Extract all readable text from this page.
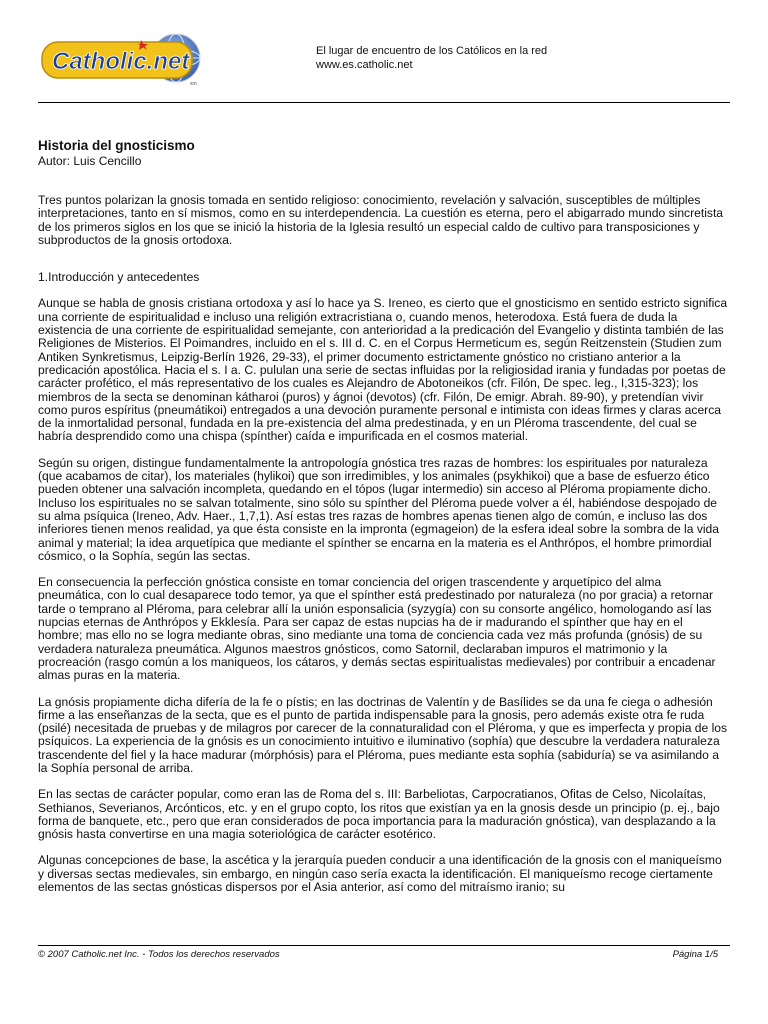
Catholic.net
sm
El lugar de encuentro de los Católicos en la red
www.es.catholic.net

Historia del gnosticismo

Autor: Luis Cencillo

Tres puntos polarizan la gnosis tomada en sentido religioso: conocimiento, revelación y salvación, susceptibles de múltiples interpretaciones, tanto en sí mismos, como en su interdependencia. La cuestión es eterna, pero el abigarrado mundo sincretista de los primeros siglos en los que se inició la historia de la Iglesia resultó un especial caldo de cultivo para transposiciones y subproductos de la gnosis ortodoxa.

1.Introducción y antecedentes

Aunque se habla de gnosis cristiana ortodoxa y así lo hace ya S. Ireneo, es cierto que el gnosticismo en sentido estricto significa una corriente de espiritualidad e incluso una religión extracristiana o, cuando menos, heterodoxa. Está fuera de duda la existencia de una corriente de espiritualidad semejante, con anterioridad a la predicación del Evangelio y distinta también de las Religiones de Misterios. El Poimandres, incluido en el s. III d. C. en el Corpus Hermeticum es, según Reitzenstein (Studien zum Antiken Synkretismus, Leipzig-Berlín 1926, 29-33), el primer documento estrictamente gnóstico no cristiano anterior a la predicación apostólica. Hacia el s. I a. C. pululan una serie de sectas influidas por la religiosidad irania y fundadas por poetas de carácter profético, el más representativo de los cuales es Alejandro de Abotoneikos (cfr. Filón, De spec. leg., I,315-323); los miembros de la secta se denominan kátharoi (puros) y ágnoi (devotos) (cfr. Filón, De emigr. Abrah. 89-90), y pretendían vivir como puros espíritus (pneumátikoi) entregados a una devoción puramente personal e intimista con ideas firmes y claras acerca de la inmortalidad personal, fundada en la pre-existencia del alma predestinada, y en un Pléroma trascendente, del cual se habría desprendido como una chispa (spínther) caída e impurificada en el cosmos material.

Según su origen, distingue fundamentalmente la antropología gnóstica tres razas de hombres: los espirituales por naturaleza (que acabamos de citar), los materiales (hylikoi) que son irredimibles, y los animales (psykhikoi) que a base de esfuerzo ético pueden obtener una salvación incompleta, quedando en el tópos (lugar intermedio) sin acceso al Pléroma propiamente dicho. Incluso los espirituales no se salvan totalmente, sino sólo su spínther del Pléroma puede volver a él, habiéndose despojado de su alma psíquica (Ireneo, Adv. Haer., 1,7,1). Así estas tres razas de hombres apenas tienen algo de común, e incluso las dos inferiores tienen menos realidad, ya que ésta consiste en la impronta (egmageion) de la esfera ideal sobre la sombra de la vida animal y material; la idea arquetípica que mediante el spínther se encarna en la materia es el Anthrópos, el hombre primordial cósmico, o la Sophía, según las sectas.

En consecuencia la perfección gnóstica consiste en tomar conciencia del origen trascendente y arquetípico del alma pneumática, con lo cual desaparece todo temor, ya que el spínther está predestinado por naturaleza (no por gracia) a retornar tarde o temprano al Pléroma, para celebrar allí la unión esponsalicia (syzygía) con su consorte angélico, homologando así las nupcias eternas de Anthrópos y Ekklesía. Para ser capaz de estas nupcias ha de ir madurando el spínther que hay en el hombre; mas ello no se logra mediante obras, sino mediante una toma de conciencia cada vez más profunda (gnósis) de su verdadera naturaleza pneumática. Algunos maestros gnósticos, como Satornil, declaraban impuros el matrimonio y la procreación (rasgo común a los maniqueos, los cátaros, y demás sectas espiritualistas medievales) por contribuir a encadenar almas puras en la materia.

La gnósis propiamente dicha difería de la fe o pístis; en las doctrinas de Valentín y de Basílides se da una fe ciega o adhesión firme a las enseñanzas de la secta, que es el punto de partida indispensable para la gnosis, pero además existe otra fe ruda (psilé) necesitada de pruebas y de milagros por carecer de la connaturalidad con el Pléroma, y que es imperfecta y propia de los psíquicos. La experiencia de la gnósis es un conocimiento intuitivo e iluminativo (sophía) que descubre la verdadera naturaleza trascendente del fiel y la hace madurar (mórphósis) para el Pléroma, pues mediante esta sophía (sabiduría) se va asimilando a la Sophía personal de arriba.

En las sectas de carácter popular, como eran las de Roma del s. III: Barbeliotas, Carpocratianos, Ofitas de Celso, Nicolaítas, Sethianos, Severianos, Arcónticos, etc. y en el grupo copto, los ritos que existían ya en la gnosis desde un principio (p. ej., bajo forma de banquete, etc., pero que eran considerados de poca importancia para la maduración gnóstica), van desplazando a la gnósis hasta convertirse en una magia soteriológica de carácter esotérico.

Algunas concepciones de base, la ascética y la jerarquía pueden conducir a una identificación de la gnosis con el maniqueísmo y diversas sectas medievales, sin embargo, en ningún caso sería exacta la identificación. El maniqueísmo recoge ciertamente elementos de las sectas gnósticas dispersos por el Asia anterior, así como del mitraísmo iranio; su

© 2007 Catholic.net Inc. - Todos los derechos reservados	Página 1/5
